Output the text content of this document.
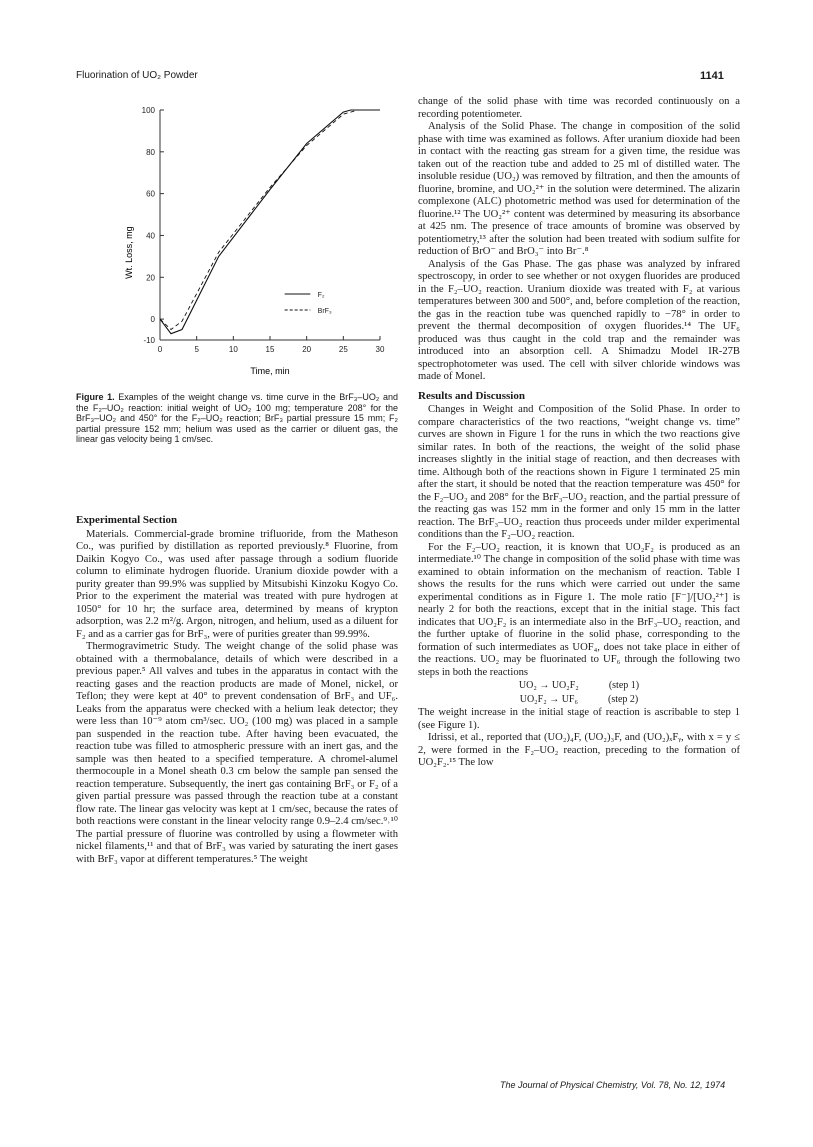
Fluorination of UO₂ Powder	1141
0	5	10	15	20	25	30
-10
0
20
40
60
80
100
F₂
BrF₃
Time, min
Wt. Loss, mg
Figure 1. Examples of the weight change vs. time curve in the BrF₃–UO₂ and the F₂–UO₂ reaction: initial weight of UO₂ 100 mg; temperature 208° for the BrF₃–UO₂ and 450° for the F₂–UO₂ reaction; BrF₃ partial pressure 15 mm; F₂ partial pressure 152 mm; helium was used as the carrier or diluent gas, the linear gas velocity being 1 cm/sec.
Experimental Section

Materials. Commercial-grade bromine trifluoride, from the Matheson Co., was purified by distillation as reported previously.⁸ Fluorine, from Daikin Kogyo Co., was used after passage through a sodium fluoride column to eliminate hydrogen fluoride. Uranium dioxide powder with a purity greater than 99.9% was supplied by Mitsubishi Kinzoku Kogyo Co. Prior to the experiment the material was treated with pure hydrogen at 1050° for 10 hr; the surface area, determined by means of krypton adsorption, was 2.2 m²/g. Argon, nitrogen, and helium, used as a diluent for F₂ and as a carrier gas for BrF₃, were of purities greater than 99.99%.

Thermogravimetric Study. The weight change of the solid phase was obtained with a thermobalance, details of which were described in a previous paper.⁵ All valves and tubes in the apparatus in contact with the reacting gases and the reaction products are made of Monel, nickel, or Teflon; they were kept at 40° to prevent condensation of BrF₃ and UF₆. Leaks from the apparatus were checked with a helium leak detector; they were less than 10⁻⁹ atom cm³/sec. UO₂ (100 mg) was placed in a sample pan suspended in the reaction tube. After having been evacuated, the reaction tube was filled to atmospheric pressure with an inert gas, and the sample was then heated to a specified temperature. A chromel-alumel thermocouple in a Monel sheath 0.3 cm below the sample pan sensed the reaction temperature. Subsequently, the inert gas containing BrF₃ or F₂ of a given partial pressure was passed through the reaction tube at a constant flow rate. The linear gas velocity was kept at 1 cm/sec, because the rates of both reactions were constant in the linear velocity range 0.9–2.4 cm/sec.⁹˒¹⁰ The partial pressure of fluorine was controlled by using a flowmeter with nickel filaments,¹¹ and that of BrF₃ was varied by saturating the inert gases with BrF₃ vapor at different temperatures.⁵ The weight

change of the solid phase with time was recorded continuously on a recording potentiometer.

Analysis of the Solid Phase. The change in composition of the solid phase with time was examined as follows. After uranium dioxide had been in contact with the reacting gas stream for a given time, the residue was taken out of the reaction tube and added to 25 ml of distilled water. The insoluble residue (UO₂) was removed by filtration, and then the amounts of fluorine, bromine, and UO₂²⁺ in the solution were determined. The alizarin complexone (ALC) photometric method was used for determination of the fluorine.¹² The UO₂²⁺ content was determined by measuring its absorbance at 425 nm. The presence of trace amounts of bromine was observed by potentiometry,¹³ after the solution had been treated with sodium sulfite for reduction of BrO⁻ and BrO₃⁻ into Br⁻.⁸

Analysis of the Gas Phase. The gas phase was analyzed by infrared spectroscopy, in order to see whether or not oxygen fluorides are produced in the F₂–UO₂ reaction. Uranium dioxide was treated with F₂ at various temperatures between 300 and 500°, and, before completion of the reaction, the gas in the reaction tube was quenched rapidly to −78° in order to prevent the thermal decomposition of oxygen fluorides.¹⁴ The UF₆ produced was thus caught in the cold trap and the remainder was introduced into an absorption cell. A Shimadzu Model IR-27B spectrophotometer was used. The cell with silver chloride windows was made of Monel.

Results and Discussion

Changes in Weight and Composition of the Solid Phase. In order to compare characteristics of the two reactions, “weight change vs. time” curves are shown in Figure 1 for the runs in which the two reactions give similar rates. In both of the reactions, the weight of the solid phase increases slightly in the initial stage of reaction, and then decreases with time. Although both of the reactions shown in Figure 1 terminated 25 min after the start, it should be noted that the reaction temperature was 450° for the F₂–UO₂ and 208° for the BrF₃–UO₂ reaction, and the partial pressure of the reacting gas was 152 mm in the former and only 15 mm in the latter reaction. The BrF₃–UO₂ reaction thus proceeds under milder experimental conditions than the F₂–UO₂ reaction.

For the F₂–UO₂ reaction, it is known that UO₂F₂ is produced as an intermediate.¹⁰ The change in composition of the solid phase with time was examined to obtain information on the mechanism of reaction. Table I shows the results for the runs which were carried out under the same experimental conditions as in Figure 1. The mole ratio [F⁻]/[UO₂²⁺] is nearly 2 for both the reactions, except that in the initial stage. This fact indicates that UO₂F₂ is an intermediate also in the BrF₃–UO₂ reaction, and the further uptake of fluorine in the solid phase, corresponding to the formation of such intermediates as UOF₄, does not take place in either of the reactions. UO₂ may be fluorinated to UF₆ through the following two steps in both the reactions

UO₂ → UO₂F₂	(step 1)
UO₂F₂ → UF₆	(step 2)

The weight increase in the initial stage of reaction is ascribable to step 1 (see Figure 1).

Idrissi, et al., reported that (UO₂)₄F, (UO₂)₃F, and (UO₂)ₓFᵧ, with x = y ≤ 2, were formed in the F₂–UO₂ reaction, preceding to the formation of UO₂F₂.¹⁵ The low

The Journal of Physical Chemistry, Vol. 78, No. 12, 1974
